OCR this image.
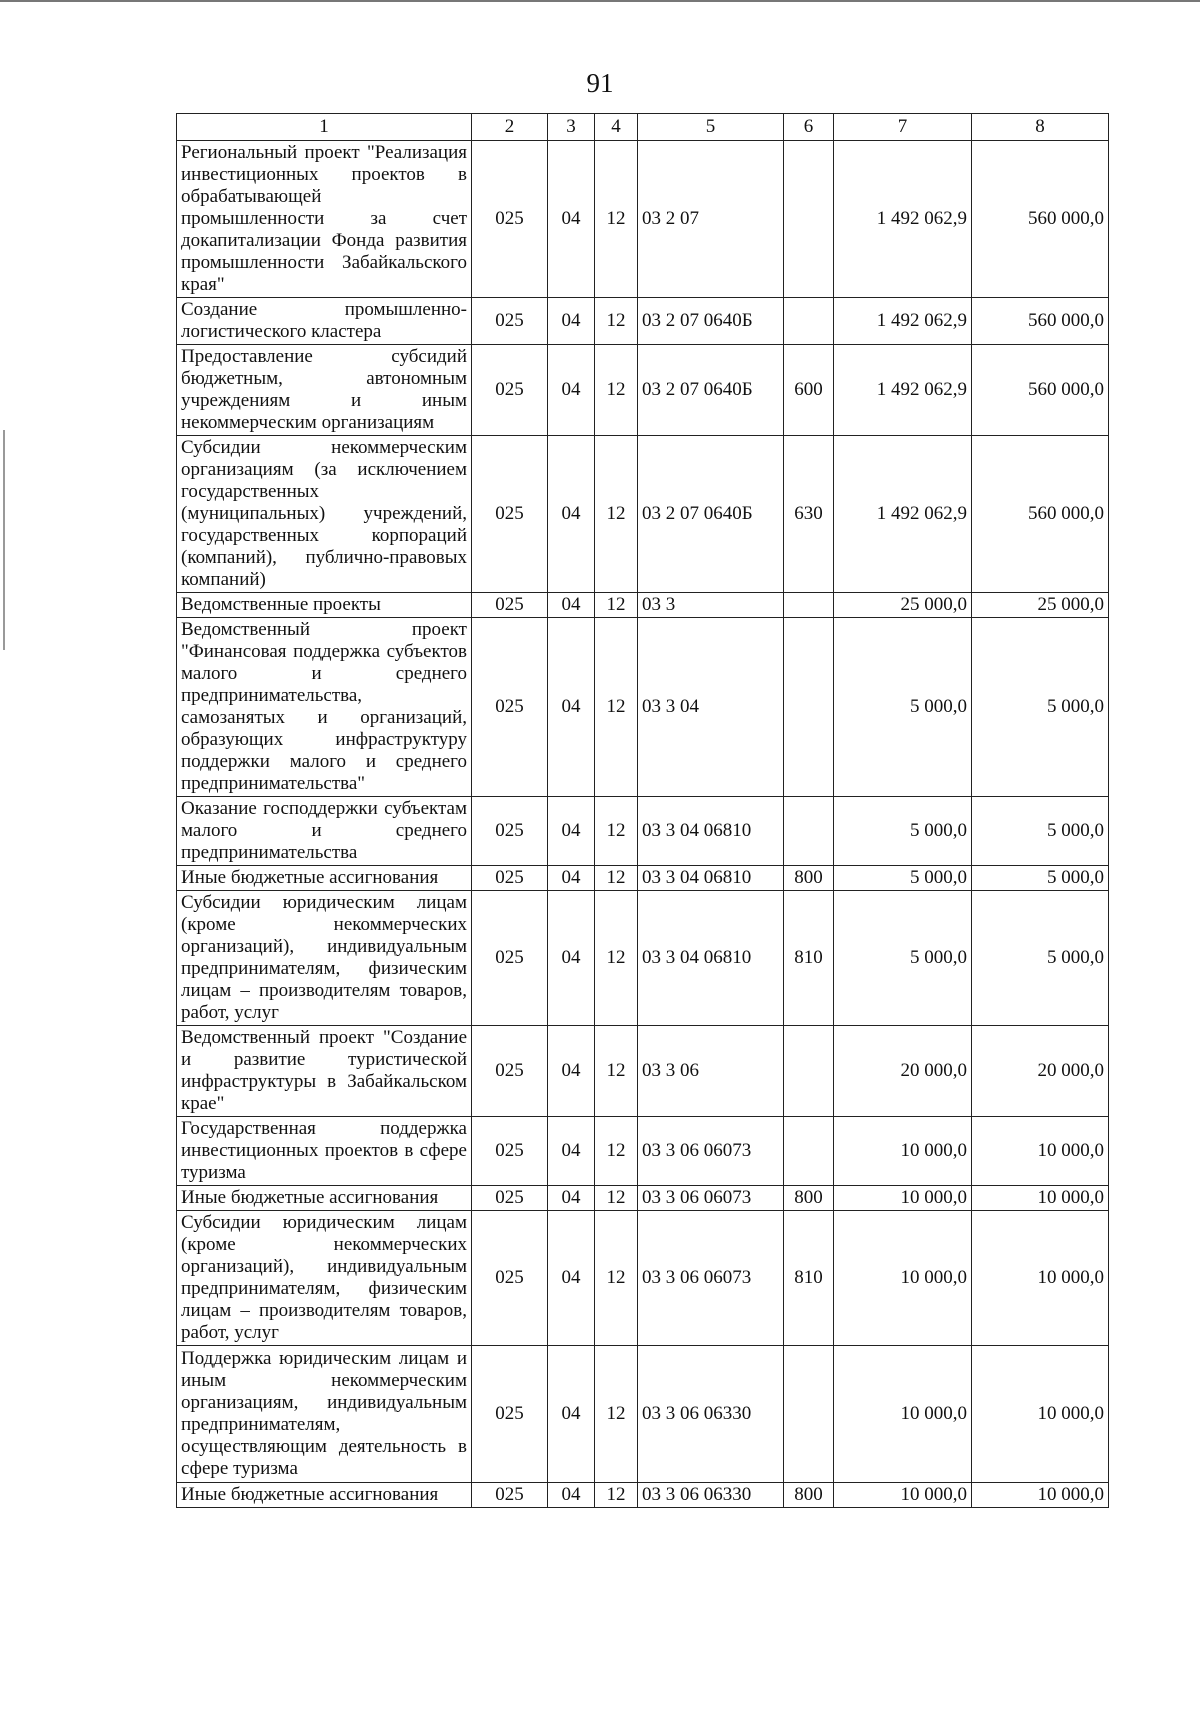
91
1	2	3	4	5	6	7	8
Региональный проект "Реализация инвестиционных проектов в обрабатывающей промышленности за счет докапитализации Фонда развития промышленности Забайкальского края"	025	04	12	03 2 07		1 492 062,9	560 000,0
Создание промышленно-логистического кластера	025	04	12	03 2 07 0640Б		1 492 062,9	560 000,0
Предоставление субсидий бюджетным, автономным учреждениям и иным некоммерческим организациям	025	04	12	03 2 07 0640Б	600	1 492 062,9	560 000,0
Субсидии некоммерческим организациям (за исключением государственных (муниципальных) учреждений, государственных корпораций (компаний), публично-правовых компаний)	025	04	12	03 2 07 0640Б	630	1 492 062,9	560 000,0
Ведомственные проекты	025	04	12	03 3		25 000,0	25 000,0
Ведомственный проект "Финансовая поддержка субъектов малого и среднего предпринимательства, самозанятых и организаций, образующих инфраструктуру поддержки малого и среднего предпринимательства"	025	04	12	03 3 04		5 000,0	5 000,0
Оказание господдержки субъектам малого и среднего предпринимательства	025	04	12	03 3 04 06810		5 000,0	5 000,0
Иные бюджетные ассигнования	025	04	12	03 3 04 06810	800	5 000,0	5 000,0
Субсидии юридическим лицам (кроме некоммерческих организаций), индивидуальным предпринимателям, физическим лицам – производителям товаров, работ, услуг	025	04	12	03 3 04 06810	810	5 000,0	5 000,0
Ведомственный проект "Создание и развитие туристической инфраструктуры в Забайкальском крае"	025	04	12	03 3 06		20 000,0	20 000,0
Государственная поддержка инвестиционных проектов в сфере туризма	025	04	12	03 3 06 06073		10 000,0	10 000,0
Иные бюджетные ассигнования	025	04	12	03 3 06 06073	800	10 000,0	10 000,0
Субсидии юридическим лицам (кроме некоммерческих организаций), индивидуальным предпринимателям, физическим лицам – производителям товаров, работ, услуг	025	04	12	03 3 06 06073	810	10 000,0	10 000,0
Поддержка юридическим лицам и иным некоммерческим организациям, индивидуальным предпринимателям, осуществляющим деятельность в сфере туризма	025	04	12	03 3 06 06330		10 000,0	10 000,0
Иные бюджетные ассигнования	025	04	12	03 3 06 06330	800	10 000,0	10 000,0
